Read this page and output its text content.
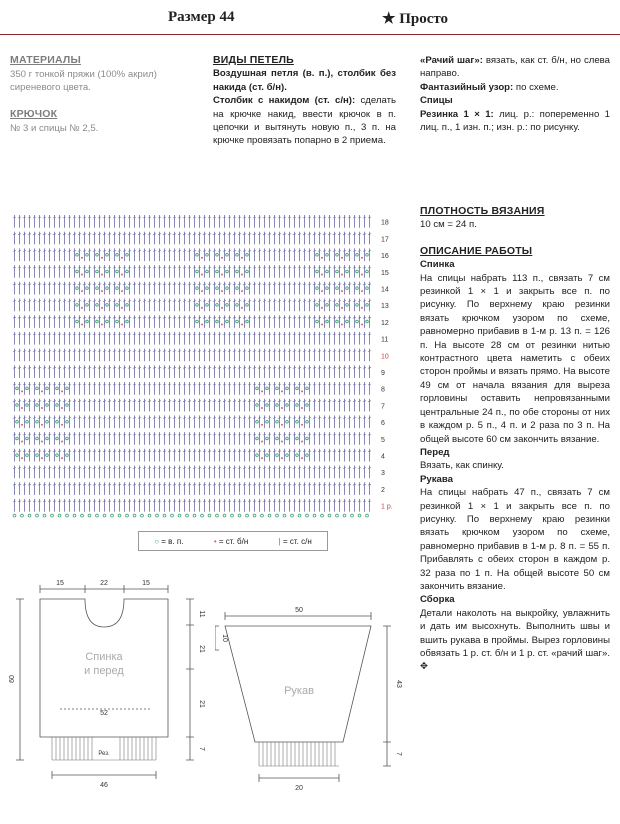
Размер 44	★ Просто
МАТЕРИАЛЫ
350 г тонкой пряжи (100% акрил) сиреневого цвета.
КРЮЧОК
№ 3 и спицы № 2,5.
ВИДЫ ПЕТЕЛЬ
Воздушная петля (в. п.), столбик без накида (ст. б/н).
Столбик с накидом (ст. с/н): сделать на крючке накид, ввести крючок в п. цепочки и вытянуть новую п., 3 п. на крючке провязать попарно в 2 приема.
«Рачий шаг»: вязать, как ст. б/н, но слева направо.
Фантазийный узор: по схеме.
Спицы
Резинка 1 × 1: лиц. р.: попеременно 1 лиц. п., 1 изн. п.; изн. р.: по рисунку.
ПЛОТНОСТЬ ВЯЗАНИЯ
10 см = 24 п.
ОПИСАНИЕ РАБОТЫ
Спинка
На спицы набрать 113 п., связать 7 см резинкой 1 × 1 и закрыть все п. по рисунку. По верхнему краю резинки вязать крючком узором по схеме, равномерно прибавив в 1-м р. 13 п. = 126 п. На высоте 28 см от резинки нитью контрастного цвета наметить с обеих сторон проймы и вязать прямо. На высоте 49 см от начала вязания для выреза горловины оставить непровязанными центральные 24 п., по обе стороны от них в каждом р. 5 п., 4 п. и 2 раза по 3 п. На общей высоте 60 см закончить вязание.
Перед
Вязать, как спинку.
Рукава
На спицы набрать 47 п., связать 7 см резинкой 1 × 1 и закрыть все п. по рисунку. По верхнему краю резинки вязать крючком узором по схеме, равномерно прибавив в 1-м р. 8 п. = 55 п. Прибавлять с обеих сторон в каждом р. 32 раза по 1 п. На общей высоте 50 см закончить вязание.
Сборка
Детали наколоть на выкройку, увлажнить и дать им высохнуть. Выполнить швы и вшить рукава в проймы. Вырез горловины обвязать 1 р. ст. б/н и 1 р. ст. «рачий шаг». ✥
18
17
16
15
14
13
12
11
10
9
8
7
6
5
4
3
2
1 р.
○ = в. п.	• = ст. б/н	| = ст. с/н
15	22	15
52
46
Рез.
11
21
21
7
60
Спинка
и перед
50
20
10
43
7
Рукав
